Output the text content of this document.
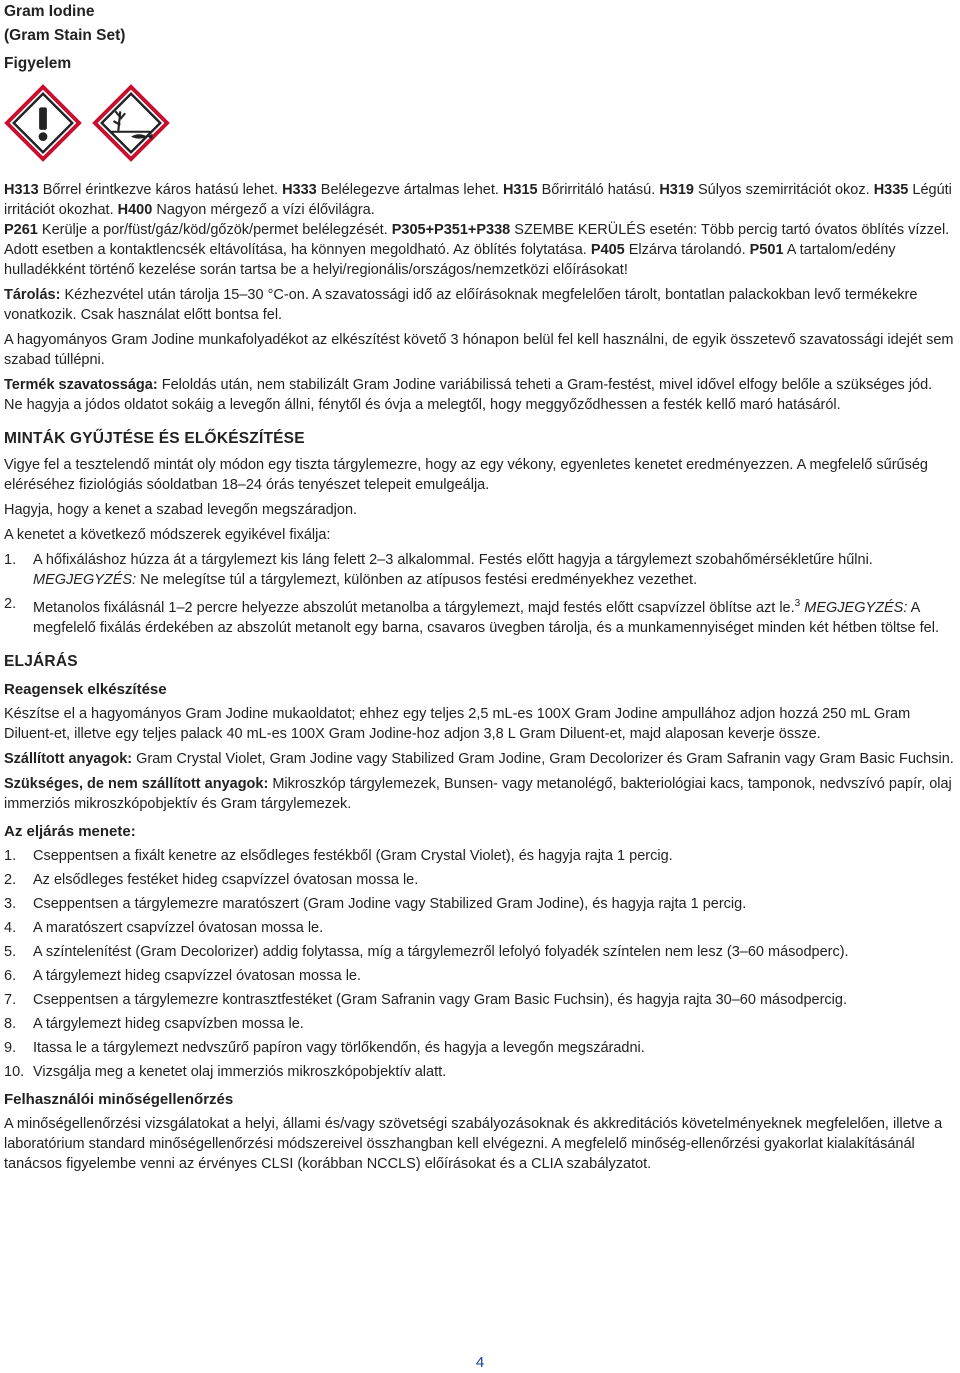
Gram Iodine
(Gram Stain Set)
Figyelem

H313 Bőrrel érintkezve káros hatású lehet. H333 Belélegezve ártalmas lehet. H315 Bőrirritáló hatású. H319 Súlyos szemirritációt okoz. H335 Légúti irritációt okozhat. H400 Nagyon mérgező a vízi élővilágra.
P261 Kerülje a por/füst/gáz/köd/gőzök/permet belélegzését. P305+P351+P338 SZEMBE KERÜLÉS esetén: Több percig tartó óvatos öblítés vízzel. Adott esetben a kontaktlencsék eltávolítása, ha könnyen megoldható. Az öblítés folytatása. P405 Elzárva tárolandó. P501 A tartalom/edény hulladékként történő kezelése során tartsa be a helyi/regionális/országos/nemzetközi előírásokat!

Tárolás: Kézhezvétel után tárolja 15–30 °C-on. A szavatossági idő az előírásoknak megfelelően tárolt, bontatlan palackokban levő termékekre vonatkozik. Csak használat előtt bontsa fel.

A hagyományos Gram Jodine munkafolyadékot az elkészítést követő 3 hónapon belül fel kell használni, de egyik összetevő szavatossági idejét sem szabad túllépni.

Termék szavatossága: Feloldás után, nem stabilizált Gram Jodine variábilissá teheti a Gram-festést, mivel idővel elfogy belőle a szükséges jód. Ne hagyja a jódos oldatot sokáig a levegőn állni, fénytől és óvja a melegtől, hogy meggyőződhessen a festék kellő maró hatásáról.

MINTÁK GYŰJTÉSE ÉS ELŐKÉSZÍTÉSE

Vigye fel a tesztelendő mintát oly módon egy tiszta tárgylemezre, hogy az egy vékony, egyenletes kenetet eredményezzen. A megfelelő sűrűség eléréséhez fiziológiás sóoldatban 18–24 órás tenyészet telepeit emulgeálja.

Hagyja, hogy a kenet a szabad levegőn megszáradjon.

A kenetet a következő módszerek egyikével fixálja:

1.	A hőfixáláshoz húzza át a tárgylemezt kis láng felett 2–3 alkalommal. Festés előtt hagyja a tárgylemezt szobahőmérsékletűre hűlni. MEGJEGYZÉS: Ne melegítse túl a tárgylemezt, különben az atípusos festési eredményekhez vezethet.
2.	Metanolos fixálásnál 1–2 percre helyezze abszolút metanolba a tárgylemezt, majd festés előtt csapvízzel öblítse azt le.$^3$ MEGJEGYZÉS: A megfelelő fixálás érdekében az abszolút metanolt egy barna, csavaros üvegben tárolja, és a munkamennyiséget minden két hétben töltse fel.
ELJÁRÁS
Reagensek elkészítése

Készítse el a hagyományos Gram Jodine mukaoldatot; ehhez egy teljes 2,5 mL-es 100X Gram Jodine ampullához adjon hozzá 250 mL Gram Diluent-et, illetve egy teljes palack 40 mL-es 100X Gram Jodine-hoz adjon 3,8 L Gram Diluent-et, majd alaposan keverje össze.

Szállított anyagok: Gram Crystal Violet, Gram Jodine vagy Stabilized Gram Jodine, Gram Decolorizer és Gram Safranin vagy Gram Basic Fuchsin.

Szükséges, de nem szállított anyagok: Mikroszkóp tárgylemezek, Bunsen- vagy metanolégő, bakteriológiai kacs, tamponok, nedvszívó papír, olaj immerziós mikroszkópobjektív és Gram tárgylemezek.

Az eljárás menete:
1.	Cseppentsen a fixált kenetre az elsődleges festékből (Gram Crystal Violet), és hagyja rajta 1 percig.
2.	Az elsődleges festéket hideg csapvízzel óvatosan mossa le.
3.	Cseppentsen a tárgylemezre maratószert (Gram Jodine vagy Stabilized Gram Jodine), és hagyja rajta 1 percig.
4.	A maratószert csapvízzel óvatosan mossa le.
5.	A színtelenítést (Gram Decolorizer) addig folytassa, míg a tárgylemezről lefolyó folyadék színtelen nem lesz (3–60 másodperc).
6.	A tárgylemezt hideg csapvízzel óvatosan mossa le.
7.	Cseppentsen a tárgylemezre kontrasztfestéket (Gram Safranin vagy Gram Basic Fuchsin), és hagyja rajta 30–60 másodpercig.
8.	A tárgylemezt hideg csapvízben mossa le.
9.	Itassa le a tárgylemezt nedvszűrő papíron vagy törlőkendőn, és hagyja a levegőn megszáradni.
10. Vizsgálja meg a kenetet olaj immerziós mikroszkópobjektív alatt.
Felhasználói minőségellenőrzés

A minőségellenőrzési vizsgálatokat a helyi, állami és/vagy szövetségi szabályozásoknak és akkreditációs követelményeknek megfelelően, illetve a laboratórium standard minőségellenőrzési módszereivel összhangban kell elvégezni. A megfelelő minőség-ellenőrzési gyakorlat kialakításánál tanácsos figyelembe venni az érvényes CLSI (korábban NCCLS) előírásokat és a CLIA szabályzatot.

4
